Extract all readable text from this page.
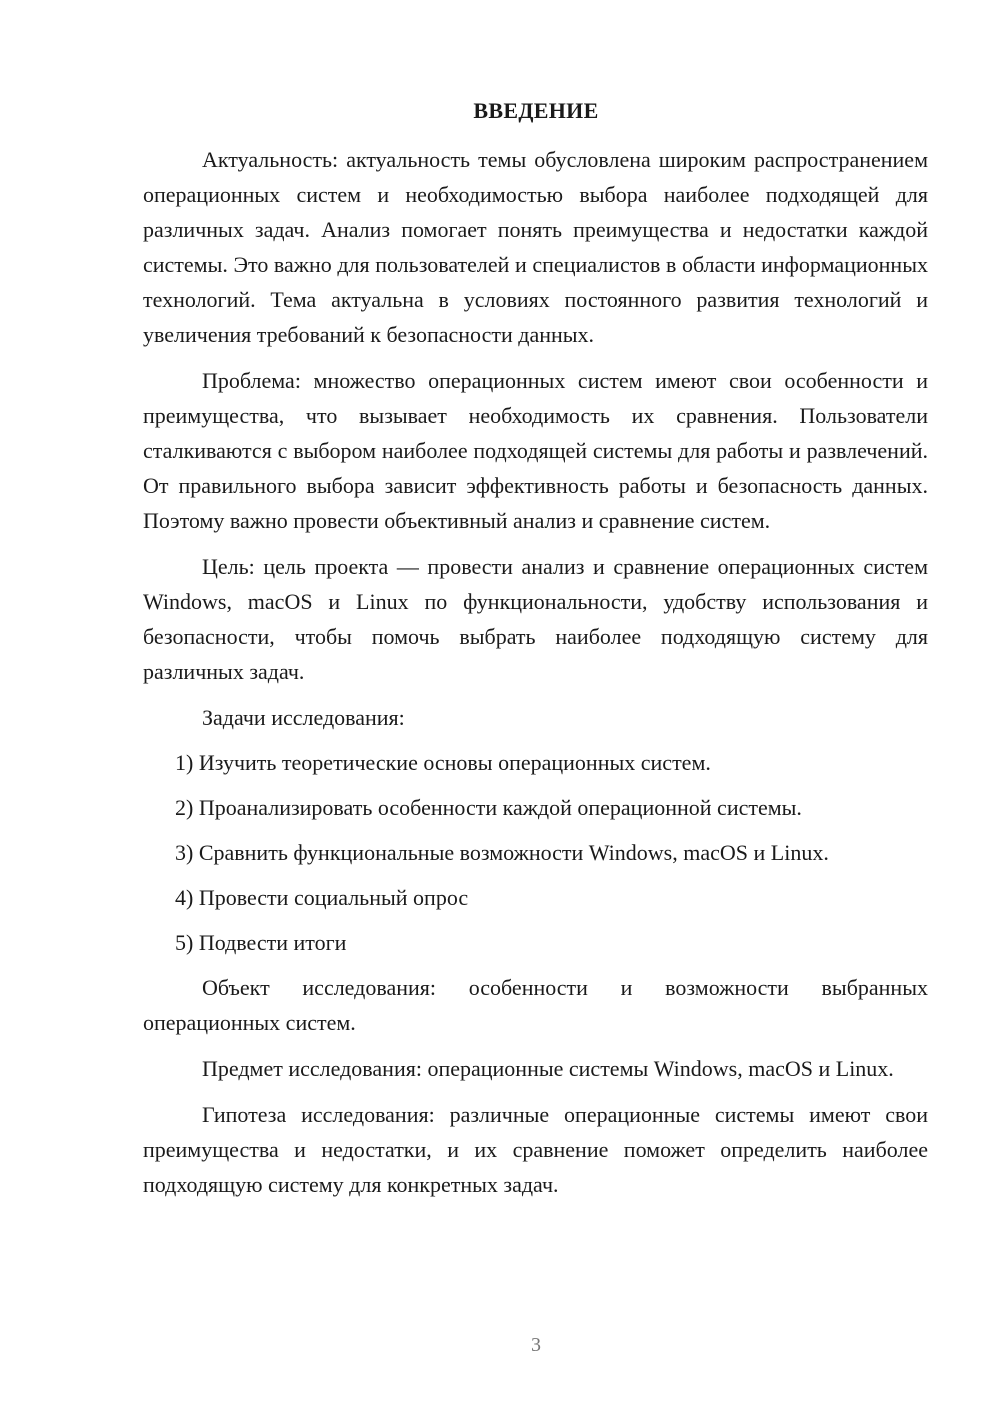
ВВЕДЕНИЕ

Актуальность: актуальность темы обусловлена широким распространением операционных систем и необходимостью выбора наиболее подходящей для различных задач. Анализ помогает понять преимущества и недостатки каждой системы. Это важно для пользователей и специалистов в области информационных технологий. Тема актуальна в условиях постоянного развития технологий и увеличения требований к безопасности данных.

Проблема: множество операционных систем имеют свои особенности и преимущества, что вызывает необходимость их сравнения. Пользователи сталкиваются с выбором наиболее подходящей системы для работы и развлечений. От правильного выбора зависит эффективность работы и безопасность данных. Поэтому важно провести объективный анализ и сравнение систем.

Цель: цель проекта — провести анализ и сравнение операционных систем Windows, macOS и Linux по функциональности, удобству использования и безопасности, чтобы помочь выбрать наиболее подходящую систему для различных задач.

Задачи исследования:

1) Изучить теоретические основы операционных систем.
2) Проанализировать особенности каждой операционной системы.
3) Сравнить функциональные возможности Windows, macOS и Linux.
4) Провести социальный опрос
5) Подвести итоги

Объект исследования: особенности и возможности выбранных операционных систем.

Предмет исследования: операционные системы Windows, macOS и Linux.

Гипотеза исследования: различные операционные системы имеют свои преимущества и недостатки, и их сравнение поможет определить наиболее подходящую систему для конкретных задач.

3
